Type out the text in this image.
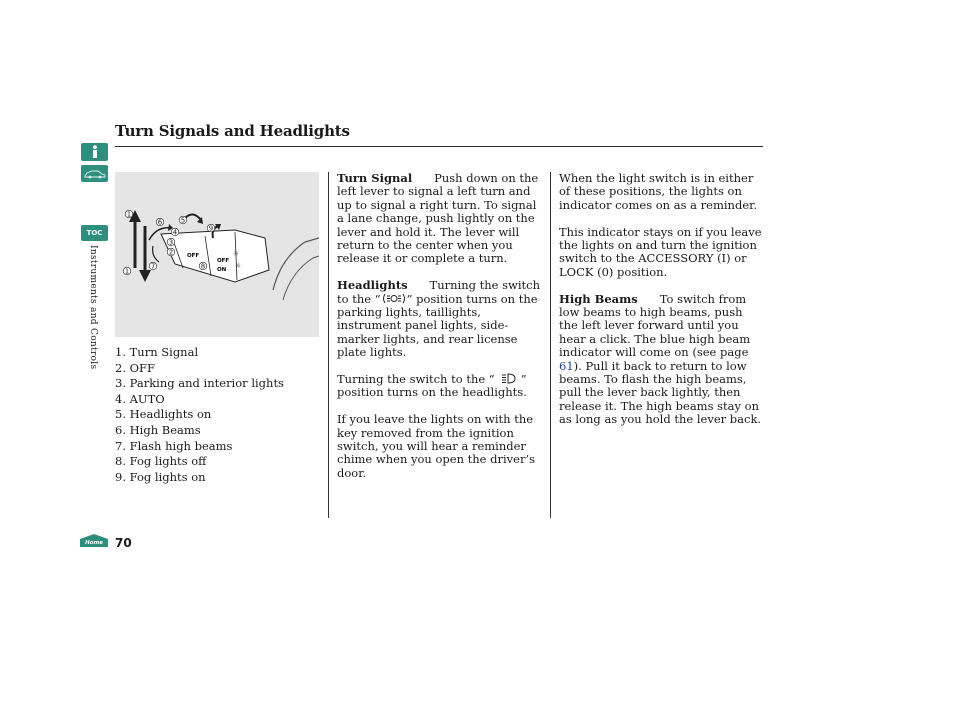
Turn Signals and Headlights
TOC
Instruments and Controls
Home
OFF
OFF
ON
☼
☼
1
6	5
4
3
2
9
1
7	8
1. Turn Signal
2. OFF
3. Parking and interior lights
4. AUTO
5. Headlights on
6. High Beams
7. Flash high beams
8. Fog lights off
9. Fog lights on

Turn Signal Push down on the left lever to signal a left turn and up to signal a right turn. To signal a lane change, push lightly on the lever and hold it. The lever will return to the center when you release it or complete a turn.

Headlights Turning the switch to the “ ” position turns on the parking lights, taillights, instrument panel lights, side-marker lights, and rear license plate lights.

Turning the switch to the “ ” position turns on the headlights.

If you leave the lights on with the key removed from the ignition switch, you will hear a reminder chime when you open the driver’s door.

When the light switch is in either of these positions, the lights on indicator comes on as a reminder.

This indicator stays on if you leave the lights on and turn the ignition switch to the ACCESSORY (I) or LOCK (0) position.

High Beams To switch from low beams to high beams, push the left lever forward until you hear a click. The blue high beam indicator will come on (see page 61). Pull it back to return to low beams. To flash the high beams, pull the lever back lightly, then release it. The high beams stay on as long as you hold the lever back.

70
